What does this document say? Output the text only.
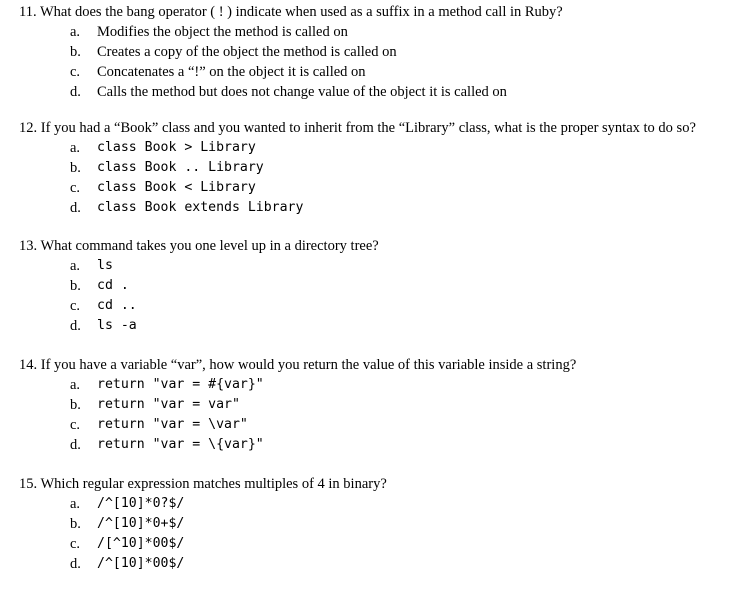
11. What does the bang operator ( ! ) indicate when used as a suffix in a method call in Ruby?
a. Modifies the object the method is called on
b. Creates a copy of the object the method is called on
c. Concatenates a “!” on the object it is called on
d. Calls the method but does not change value of the object it is called on
12. If you had a “Book” class and you wanted to inherit from the “Library” class, what is the proper syntax to do so?
a. class Book > Library
b. class Book .. Library
c. class Book < Library
d. class Book extends Library
13. What command takes you one level up in a directory tree?
a. ls
b. cd .
c. cd ..
d. ls -a
14. If you have a variable “var”, how would you return the value of this variable inside a string?
a. return "var = #{var}"
b. return "var = var"
c. return "var = \var"
d. return "var = \{var}"
15. Which regular expression matches multiples of 4 in binary?
a. /^[10]*0?$/
b. /^[10]*0+$/
c. /[^10]*00$/
d. /^[10]*00$/
